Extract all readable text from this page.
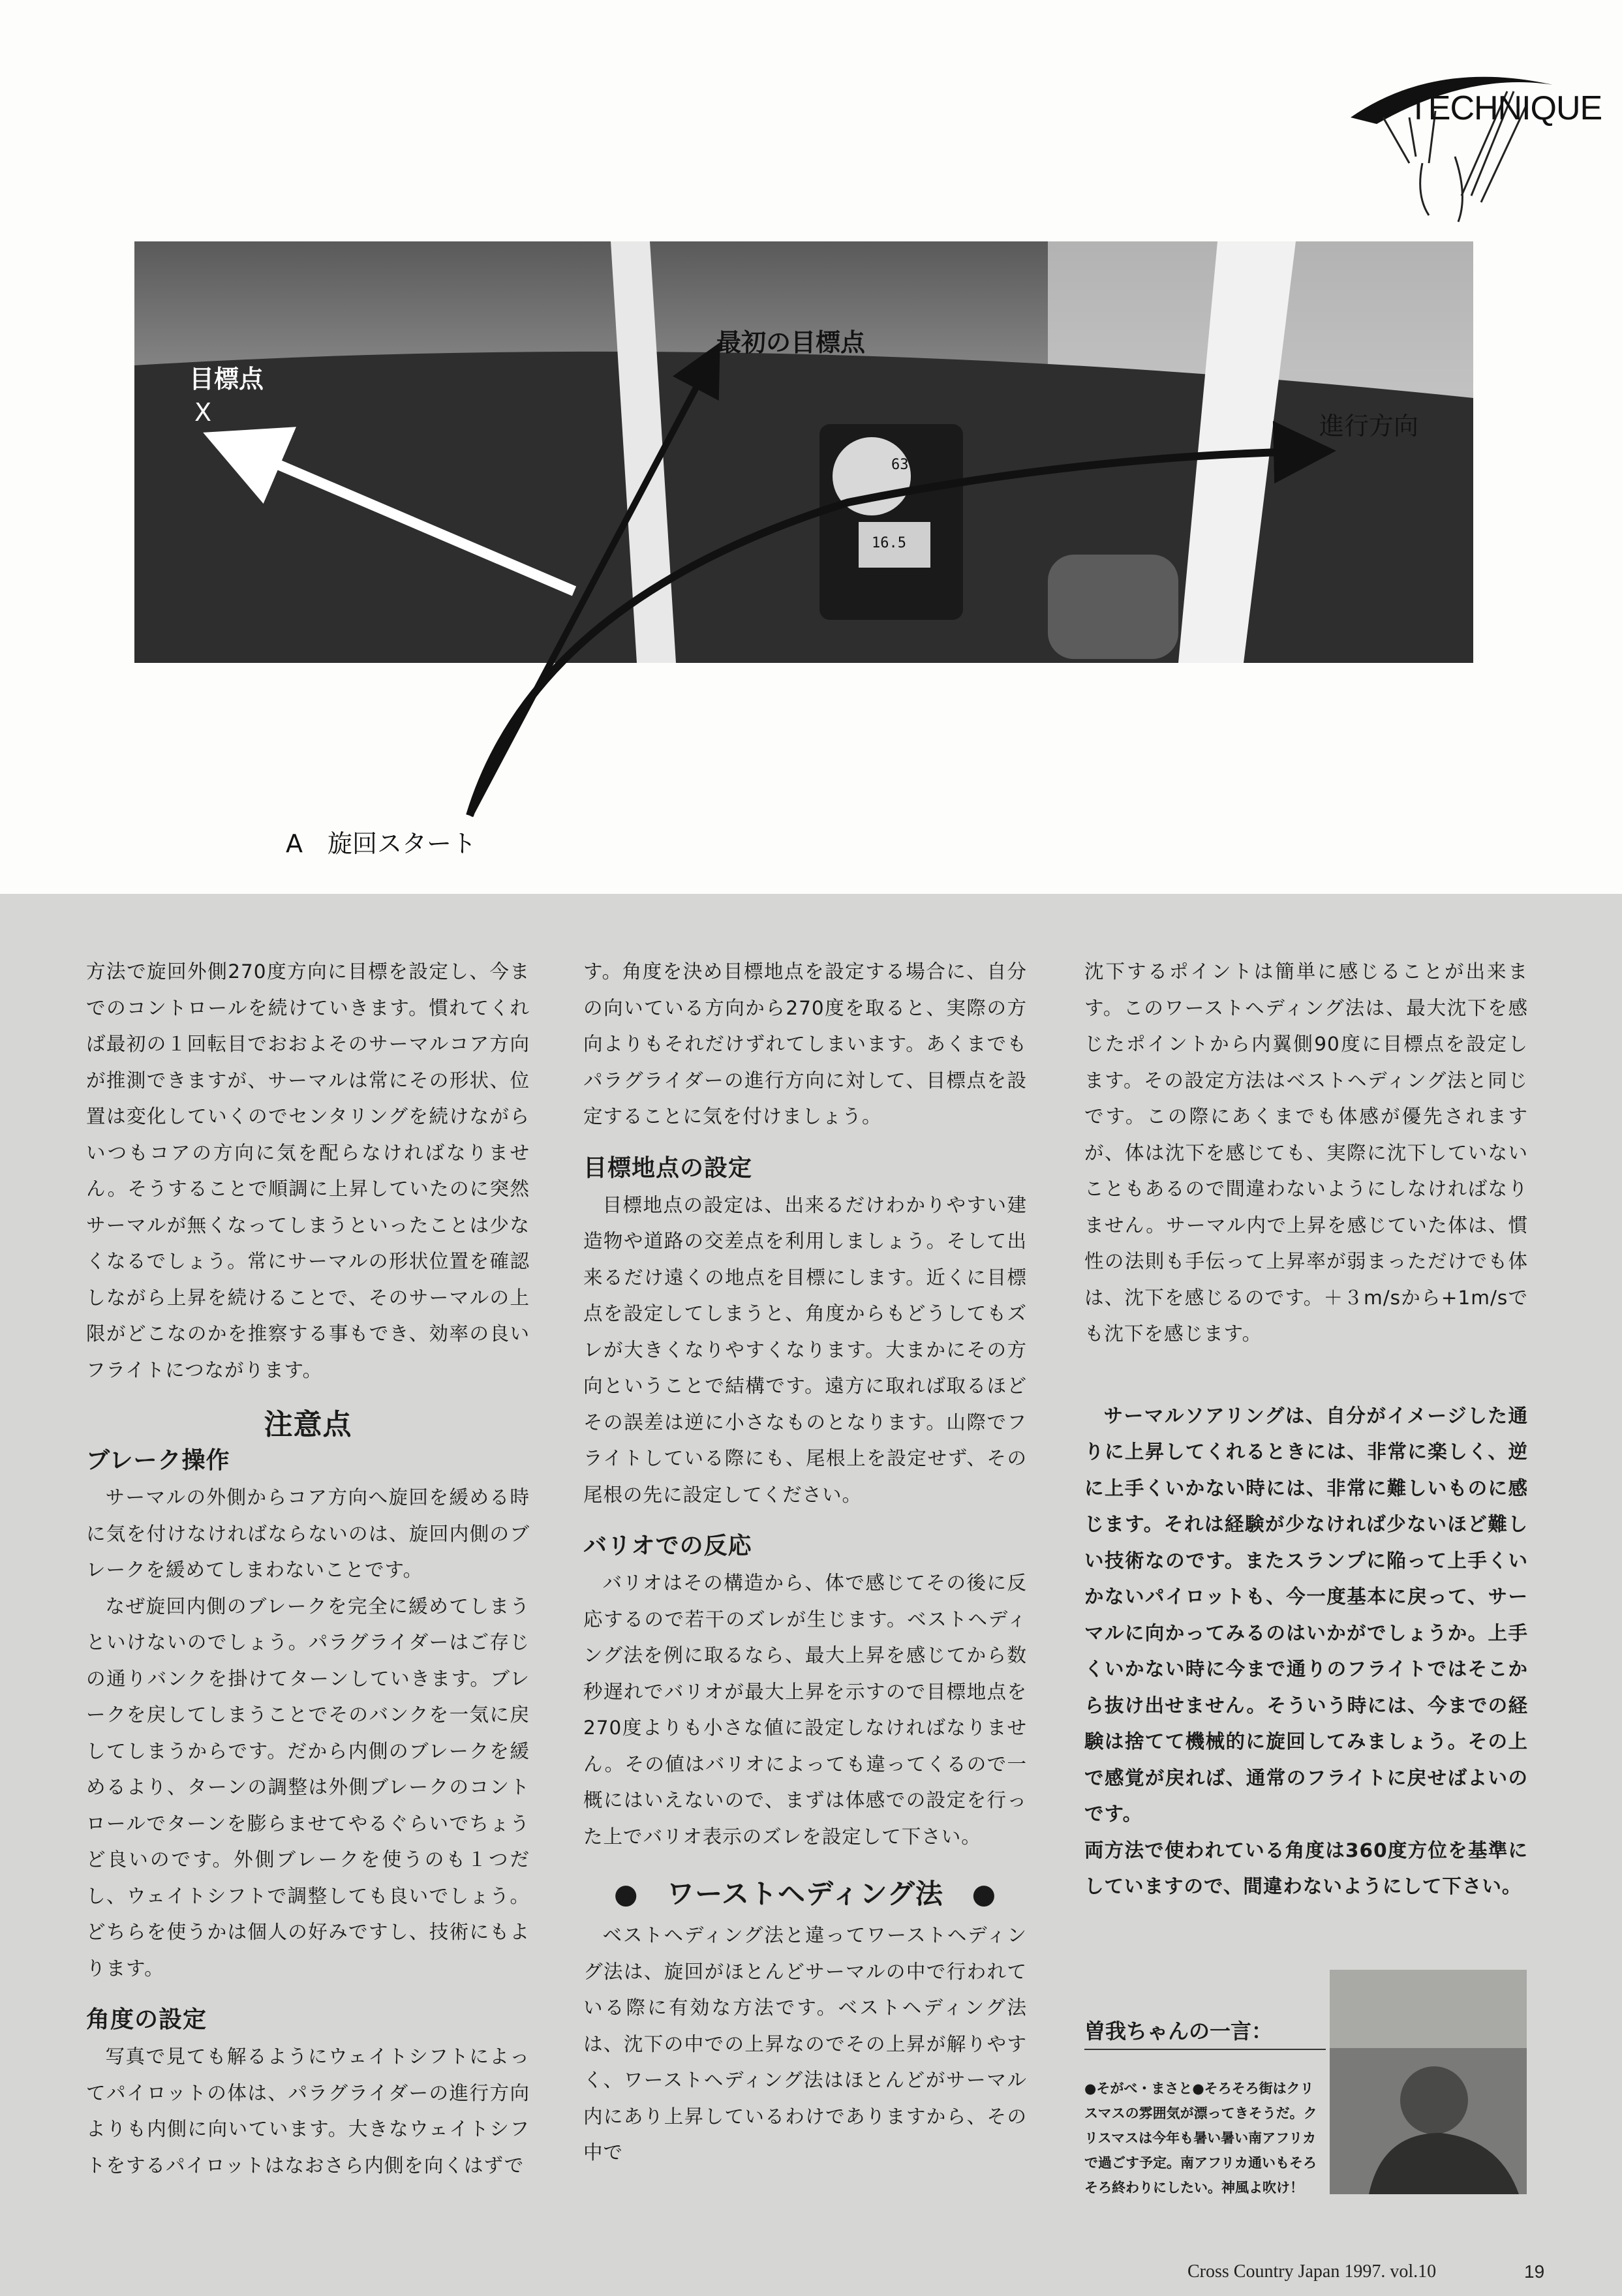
TECHNIQUE
63
16.5
目標点
X
最初の目標点
進行方向
A　旋回スタート

方法で旋回外側270度方向に目標を設定し、今までのコントロールを続けていきます。慣れてくれば最初の１回転目でおおよそのサーマルコア方向が推測できますが、サーマルは常にその形状、位置は変化していくのでセンタリングを続けながらいつもコアの方向に気を配らなければなりません。そうすることで順調に上昇していたのに突然サーマルが無くなってしまうといったことは少なくなるでしょう。常にサーマルの形状位置を確認しながら上昇を続けることで、そのサーマルの上限がどこなのかを推察する事もでき、効率の良いフライトにつながります。

注意点
ブレーク操作

サーマルの外側からコア方向へ旋回を緩める時に気を付けなければならないのは、旋回内側のブレークを緩めてしまわないことです。

なぜ旋回内側のブレークを完全に緩めてしまうといけないのでしょう。パラグライダーはご存じの通りバンクを掛けてターンしていきます。ブレークを戻してしまうことでそのバンクを一気に戻してしまうからです。だから内側のブレークを緩めるより、ターンの調整は外側ブレークのコントロールでターンを膨らませてやるぐらいでちょうど良いのです。外側ブレークを使うのも１つだし、ウェイトシフトで調整しても良いでしょう。どちらを使うかは個人の好みですし、技術にもよります。

角度の設定

写真で見ても解るようにウェイトシフトによってパイロットの体は、パラグライダーの進行方向よりも内側に向いています。大きなウェイトシフトをするパイロットはなおさら内側を向くはずで

す。角度を決め目標地点を設定する場合に、自分の向いている方向から270度を取ると、実際の方向よりもそれだけずれてしまいます。あくまでもパラグライダーの進行方向に対して、目標点を設定することに気を付けましょう。

目標地点の設定

目標地点の設定は、出来るだけわかりやすい建造物や道路の交差点を利用しましょう。そして出来るだけ遠くの地点を目標にします。近くに目標点を設定してしまうと、角度からもどうしてもズレが大きくなりやすくなります。大まかにその方向ということで結構です。遠方に取れば取るほどその誤差は逆に小さなものとなります。山際でフライトしている際にも、尾根上を設定せず、その尾根の先に設定してください。

バリオでの反応

バリオはその構造から、体で感じてその後に反応するので若干のズレが生じます。ベストヘディング法を例に取るなら、最大上昇を感じてから数秒遅れでバリオが最大上昇を示すので目標地点を270度よりも小さな値に設定しなければなりません。その値はバリオによっても違ってくるので一概にはいえないので、まずは体感での設定を行った上でバリオ表示のズレを設定して下さい。

● ワーストヘディング法 ●

ベストヘディング法と違ってワーストヘディング法は、旋回がほとんどサーマルの中で行われている際に有効な方法です。ベストヘディング法は、沈下の中での上昇なのでその上昇が解りやすく、ワーストヘディング法はほとんどがサーマル内にあり上昇しているわけでありますから、その中で

沈下するポイントは簡単に感じることが出来ます。このワーストヘディング法は、最大沈下を感じたポイントから内翼側90度に目標点を設定します。その設定方法はベストヘディング法と同じです。この際にあくまでも体感が優先されますが、体は沈下を感じても、実際に沈下していないこともあるので間違わないようにしなければなりません。サーマル内で上昇を感じていた体は、慣性の法則も手伝って上昇率が弱まっただけでも体は、沈下を感じるのです。＋３m/sから+1m/sでも沈下を感じます。

サーマルソアリングは、自分がイメージした通りに上昇してくれるときには、非常に楽しく、逆に上手くいかない時には、非常に難しいものに感じます。それは経験が少なければ少ないほど難しい技術なのです。またスランプに陥って上手くいかないパイロットも、今一度基本に戻って、サーマルに向かってみるのはいかがでしょうか。上手くいかない時に今まで通りのフライトではそこから抜け出せません。そういう時には、今までの経験は捨てて機械的に旋回してみましょう。その上で感覚が戻れば、通常のフライトに戻せばよいのです。

両方法で使われている角度は360度方位を基準にしていますので、間違わないようにして下さい。

曽我ちゃんの一言：
●そがべ・まさと●そろそろ街はクリスマスの雰囲気が漂ってきそうだ。クリスマスは今年も暑い暑い南アフリカで過ごす予定。南アフリカ通いもそろそろ終わりにしたい。神風よ吹け！
Cross Country Japan 1997. vol.10	19
